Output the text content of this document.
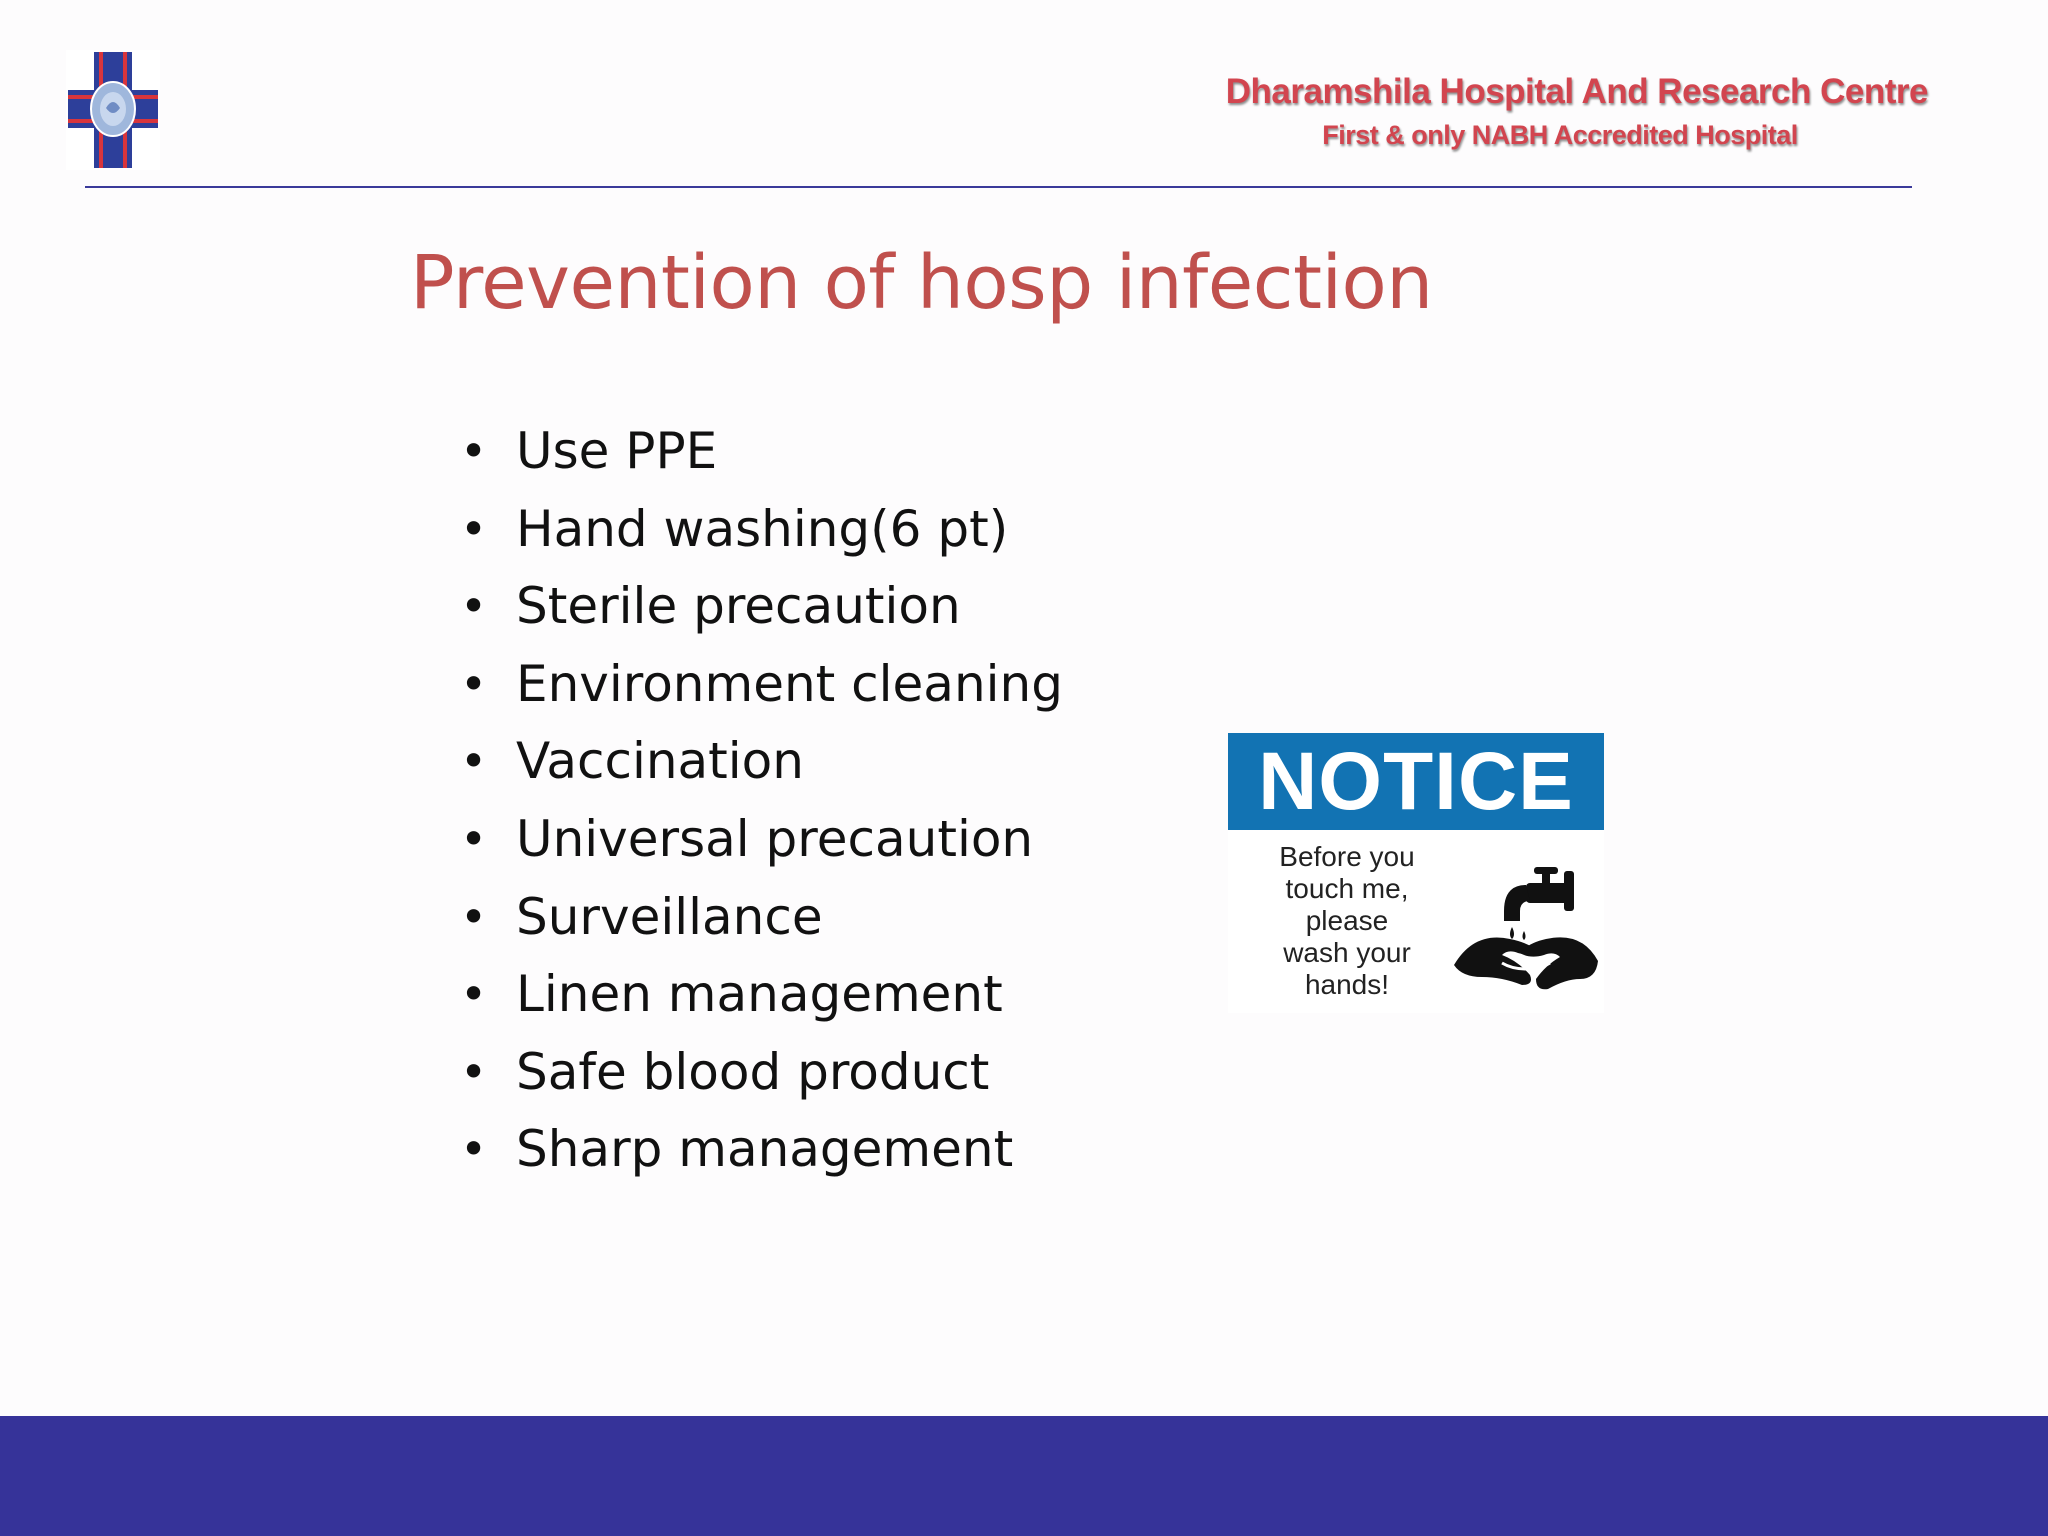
Dharamshila Hospital And Research Centre
First & only NABH Accredited Hospital
Prevention of hosp infection
• Use PPE
• Hand washing(6 pt)
• Sterile precaution
• Environment cleaning
• Vaccination
• Universal precaution
• Surveillance
• Linen management
• Safe blood product
• Sharp management
NOTICE
Before you
touch me,
please
wash your
hands!
